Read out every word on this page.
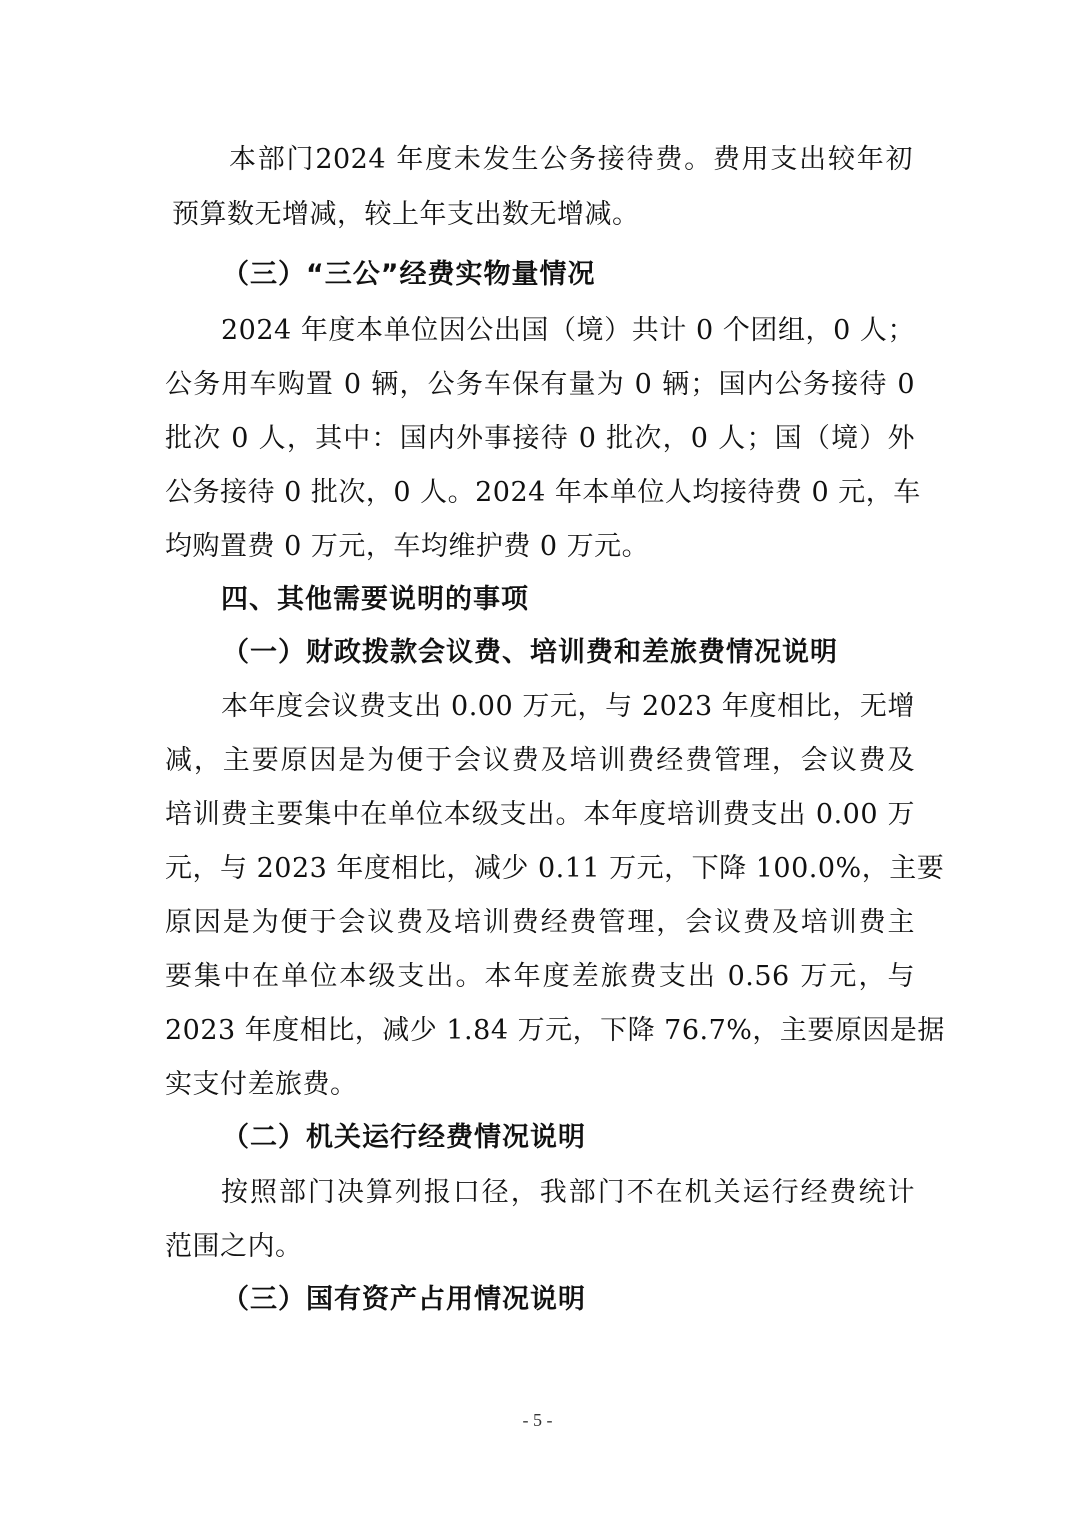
本部门2024 年度未发生公务接待费。费用支出较年初
预算数无增减，较上年支出数无增减。
（三）“三公”经费实物量情况
2024 年度本单位因公出国（境）共计 0 个团组，0 人；
公务用车购置 0 辆，公务车保有量为 0 辆；国内公务接待 0
批次 0 人，其中：国内外事接待 0 批次，0 人；国（境）外
公务接待 0 批次，0 人。2024 年本单位人均接待费 0 元，车
均购置费 0 万元，车均维护费 0 万元。
四、其他需要说明的事项
（一）财政拨款会议费、培训费和差旅费情况说明
本年度会议费支出 0.00 万元，与 2023 年度相比，无增
减，主要原因是为便于会议费及培训费经费管理，会议费及
培训费主要集中在单位本级支出。本年度培训费支出 0.00 万
元，与 2023 年度相比，减少 0.11 万元，下降 100.0%，主要
原因是为便于会议费及培训费经费管理，会议费及培训费主
要集中在单位本级支出。本年度差旅费支出 0.56 万元，与
2023 年度相比，减少 1.84 万元，下降 76.7%，主要原因是据
实支付差旅费。
（二）机关运行经费情况说明
按照部门决算列报口径，我部门不在机关运行经费统计
范围之内。
（三）国有资产占用情况说明
- 5 -
